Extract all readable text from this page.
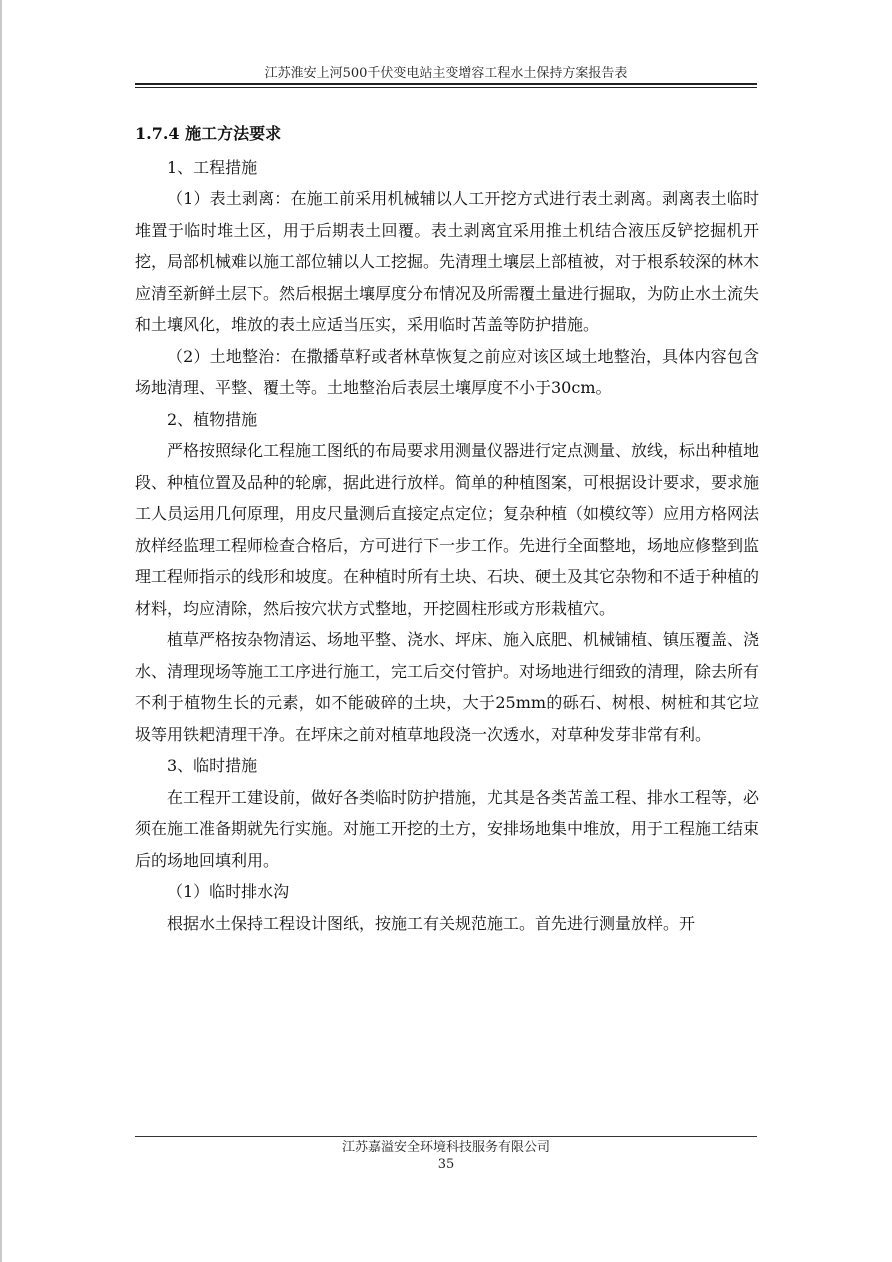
江苏淮安上河500千伏变电站主变增容工程水土保持方案报告表

1.7.4 施工方法要求

1、工程措施

（1）表土剥离：在施工前采用机械辅以人工开挖方式进行表土剥离。剥离表土临时堆置于临时堆土区，用于后期表土回覆。表土剥离宜采用推土机结合液压反铲挖掘机开挖，局部机械难以施工部位辅以人工挖掘。先清理土壤层上部植被，对于根系较深的林木应清至新鲜土层下。然后根据土壤厚度分布情况及所需覆土量进行掘取，为防止水土流失和土壤风化，堆放的表土应适当压实，采用临时苫盖等防护措施。

（2）土地整治：在撒播草籽或者林草恢复之前应对该区域土地整治，具体内容包含场地清理、平整、覆土等。土地整治后表层土壤厚度不小于30cm。

2、植物措施

严格按照绿化工程施工图纸的布局要求用测量仪器进行定点测量、放线，标出种植地段、种植位置及品种的轮廓，据此进行放样。简单的种植图案，可根据设计要求，要求施工人员运用几何原理，用皮尺量测后直接定点定位；复杂种植（如模纹等）应用方格网法放样经监理工程师检查合格后，方可进行下一步工作。先进行全面整地，场地应修整到监理工程师指示的线形和坡度。在种植时所有土块、石块、硬土及其它杂物和不适于种植的材料，均应清除，然后按穴状方式整地，开挖圆柱形或方形栽植穴。

植草严格按杂物清运、场地平整、浇水、坪床、施入底肥、机械铺植、镇压覆盖、浇水、清理现场等施工工序进行施工，完工后交付管护。对场地进行细致的清理，除去所有不利于植物生长的元素，如不能破碎的土块，大于25mm的砾石、树根、树桩和其它垃圾等用铁耙清理干净。在坪床之前对植草地段浇一次透水，对草种发芽非常有利。

3、临时措施

在工程开工建设前，做好各类临时防护措施，尤其是各类苫盖工程、排水工程等，必须在施工准备期就先行实施。对施工开挖的土方，安排场地集中堆放，用于工程施工结束后的场地回填利用。

（1）临时排水沟

根据水土保持工程设计图纸，按施工有关规范施工。首先进行测量放样。开

江苏嘉溢安全环境科技服务有限公司
35
